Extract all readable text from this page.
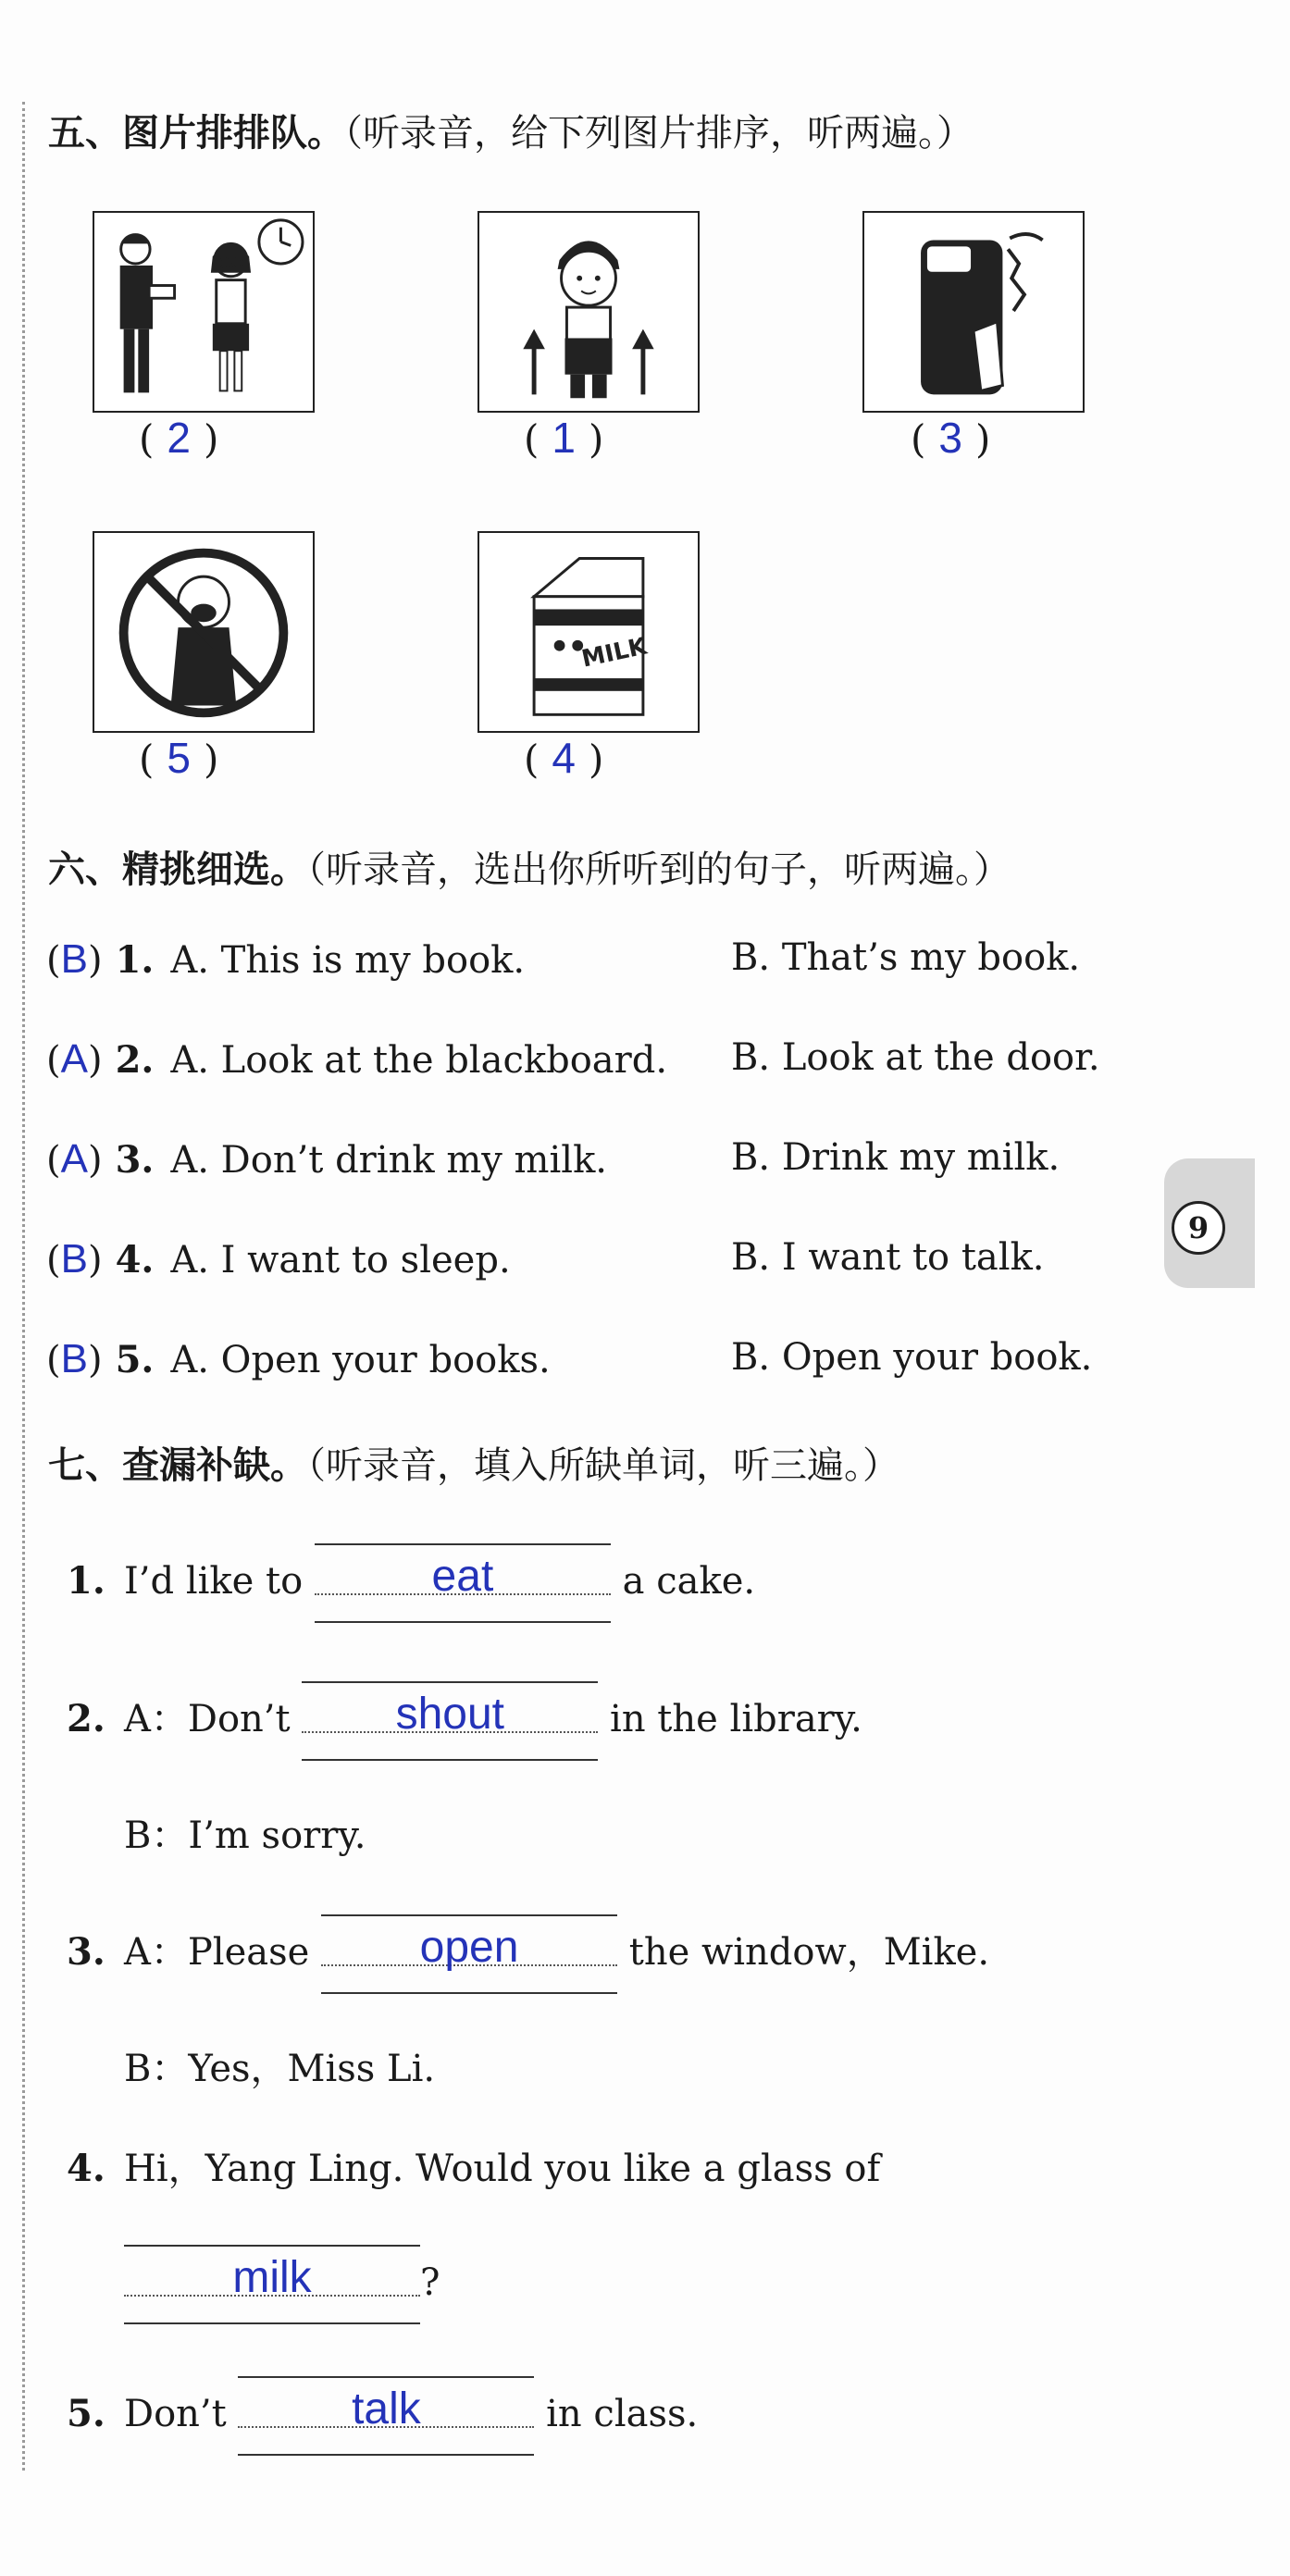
五、图片排排队。（听录音，给下列图片排序，听两遍。）
( 2 )	( 1 )	( 3 )
( 5 )
MILK
( 4 )
六、精挑细选。（听录音，选出你所听到的句子，听两遍。）
(B) 1. A. This is my book.	B. That’s my book.
(A) 2. A. Look at the blackboard. B. Look at the door.
(A) 3. A. Don’t drink my milk.	B. Drink my milk.
(B) 4. A. I want to sleep.	B. I want to talk.
(B) 5. A. Open your books.	B. Open your book.
9
七、查漏补缺。（听录音，填入所缺单词，听三遍。）
1. I’d like to	eat	a cake.
2. A：Don’t	shout	in the library.
B：I’m sorry.
3. A：Please	open	the window，Mike.
B：Yes，Miss Li.
4. Hi，Yang Ling. Would you like a glass of
milk	?
5. Don’t	talk	in class.
